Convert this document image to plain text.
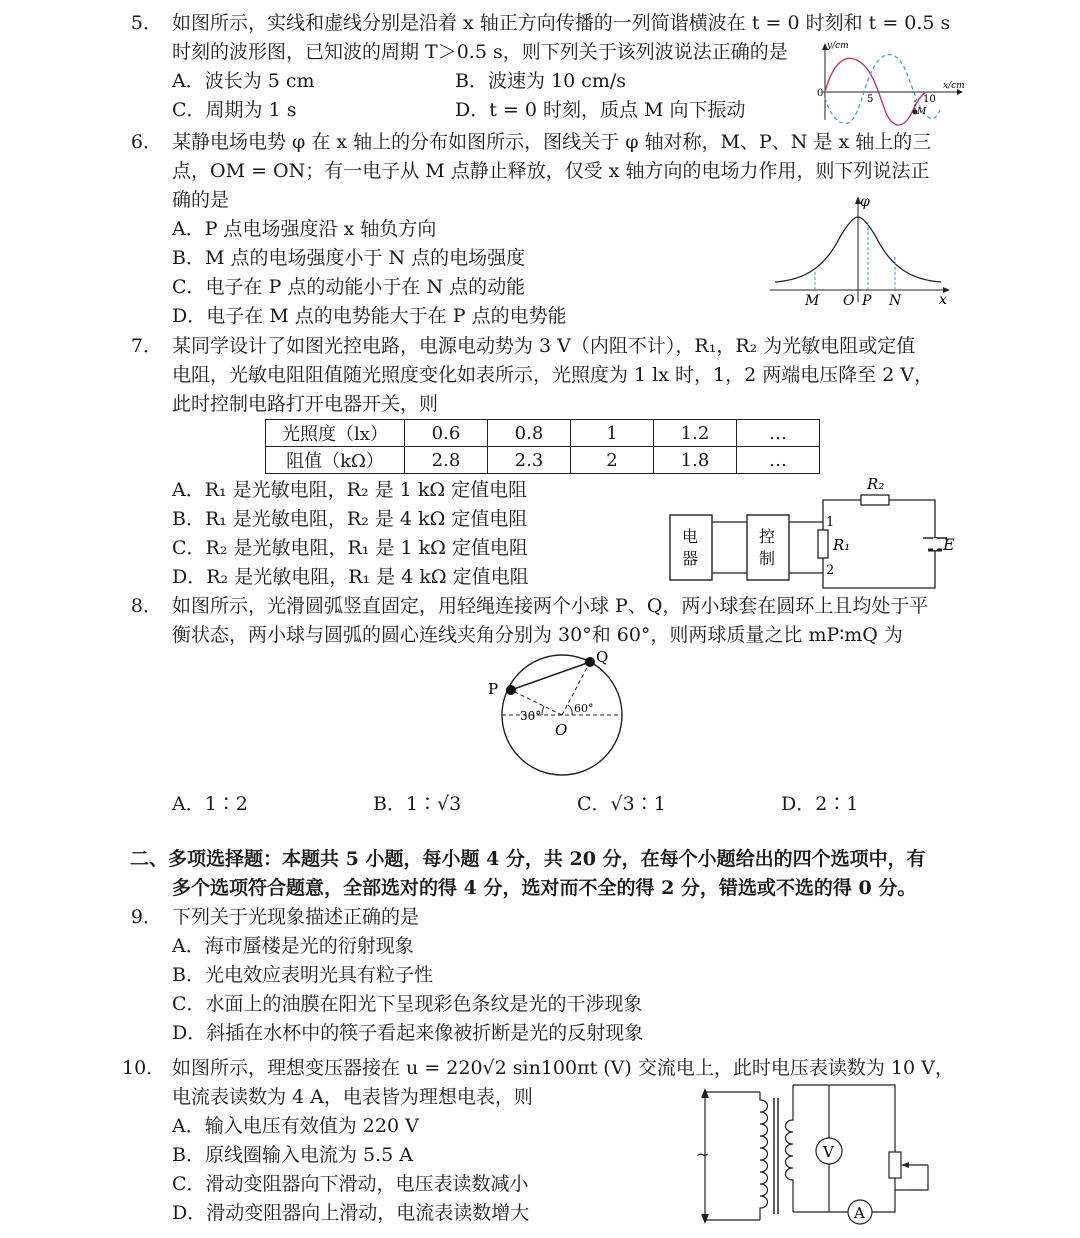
5． 如图所示，实线和虚线分别是沿着 x 轴正方向传播的一列简谐横波在 t = 0 时刻和 t = 0.5 s
时刻的波形图，已知波的周期 T＞0.5 s，则下列关于该列波说法正确的是
A．波长为 5 cm	B．波速为 10 cm/s
C．周期为 1 s	D．t = 0 时刻，质点 M 向下振动
y/cm
x/cm
0
5	10
M
6． 某静电场电势 φ 在 x 轴上的分布如图所示，图线关于 φ 轴对称，M、P、N 是 x 轴上的三
点，OM = ON；有一电子从 M 点静止释放，仅受 x 轴方向的电场力作用，则下列说法正
确的是
A．P 点电场强度沿 x 轴负方向
B．M 点的电场强度小于 N 点的电场强度
C．电子在 P 点的动能小于在 N 点的动能
D．电子在 M 点的电势能大于在 P 点的电势能
φ
x
M O P N
7． 某同学设计了如图光控电路，电源电动势为 3 V（内阻不计），R₁，R₂ 为光敏电阻或定值
电阻，光敏电阻阻值随光照度变化如表所示，光照度为 1 lx 时，1，2 两端电压降至 2 V，
此时控制电路打开电器开关，则
光照度（lx）	0.6	0.8	1	1.2	…
阻值（kΩ）	2.8	2.3	2	1.8	…
A．R₁ 是光敏电阻，R₂ 是 1 kΩ 定值电阻
B．R₁ 是光敏电阻，R₂ 是 4 kΩ 定值电阻
C．R₂ 是光敏电阻，R₁ 是 1 kΩ 定值电阻
D．R₂ 是光敏电阻，R₁ 是 4 kΩ 定值电阻
电
器
控
制
R₁
R₂
E
1
2
8． 如图所示，光滑圆弧竖直固定，用轻绳连接两个小球 P、Q，两小球套在圆环上且均处于平
衡状态，两小球与圆弧的圆心连线夹角分别为 30°和 60°，则两球质量之比 mP∶mQ 为
P
Q
O
30°
60°
A．1∶2	B．1∶√3	C．√3∶1	D．2∶1
二、多项选择题：本题共 5 小题，每小题 4 分，共 20 分，在每个小题给出的四个选项中，有
多个选项符合题意，全部选对的得 4 分，选对而不全的得 2 分，错选或不选的得 0 分。
9． 下列关于光现象描述正确的是
A．海市蜃楼是光的衍射现象
B．光电效应表明光具有粒子性
C．水面上的油膜在阳光下呈现彩色条纹是光的干涉现象
D．斜插在水杯中的筷子看起来像被折断是光的反射现象
10． 如图所示，理想变压器接在 u = 220√2 sin100πt (V) 交流电上，此时电压表读数为 10 V，
电流表读数为 4 A，电表皆为理想电表，则
A．输入电压有效值为 220 V
B．原线圈输入电流为 5.5 A
C．滑动变阻器向下滑动，电压表读数减小
D．滑动变阻器向上滑动，电流表读数增大
~	V
A
